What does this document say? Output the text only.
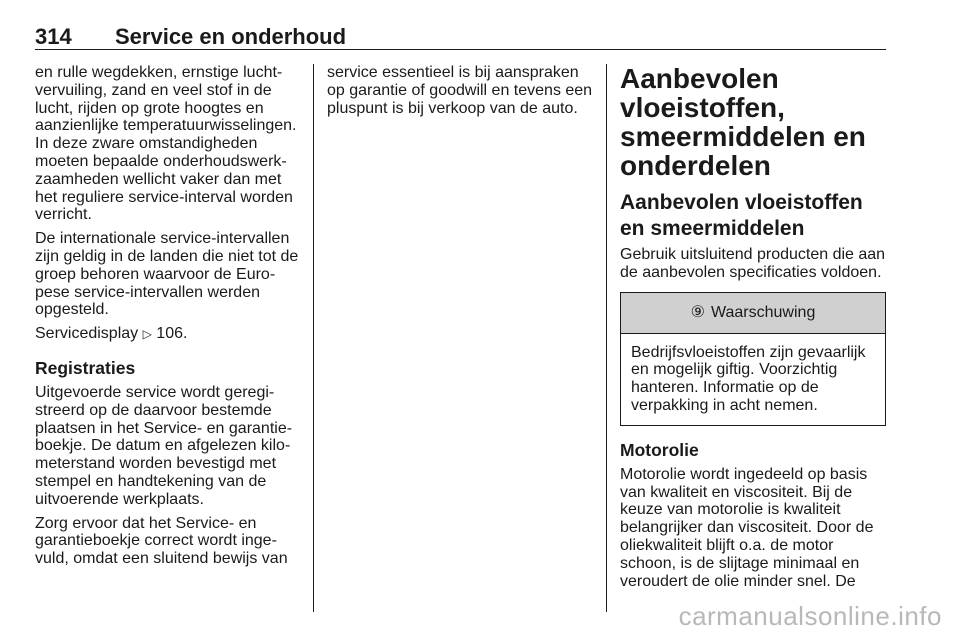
314 Service en onderhoud

en rulle wegdekken, ernstige luchtvervuiling, zand en veel stof in de lucht, rijden op grote hoogtes en aanzienlijke temperatuurwisselingen. In deze zware omstandigheden moeten bepaalde onderhoudswerkzaamheden wellicht vaker dan met het reguliere service-interval worden verricht.

De internationale service-intervallen zijn geldig in de landen die niet tot de groep behoren waarvoor de Europese service-intervallen werden opgesteld.

Servicedisplay ▷ 106.

Registraties

Uitgevoerde service wordt geregistreerd op de daarvoor bestemde plaatsen in het Service- en garantieboekje. De datum en afgelezen kilometerstand worden bevestigd met stempel en handtekening van de uitvoerende werkplaats.

Zorg ervoor dat het Service- en garantieboekje correct wordt ingevuld, omdat een sluitend bewijs van

service essentieel is bij aanspraken op garantie of goodwill en tevens een pluspunt is bij verkoop van de auto.

Aanbevolen vloeistoffen, smeermiddelen en onderdelen
Aanbevolen vloeistoffen en smeermiddelen

Gebruik uitsluitend producten die aan de aanbevolen specificaties voldoen.

⑨ Waarschuwing
Bedrijfsvloeistoffen zijn gevaarlijk en mogelijk giftig. Voorzichtig hanteren. Informatie op de verpakking in acht nemen.
Motorolie

Motorolie wordt ingedeeld op basis van kwaliteit en viscositeit. Bij de keuze van motorolie is kwaliteit belangrijker dan viscositeit. Door de oliekwaliteit blijft o.a. de motor schoon, is de slijtage minimaal en veroudert de olie minder snel. De

carmanualsonline.info
